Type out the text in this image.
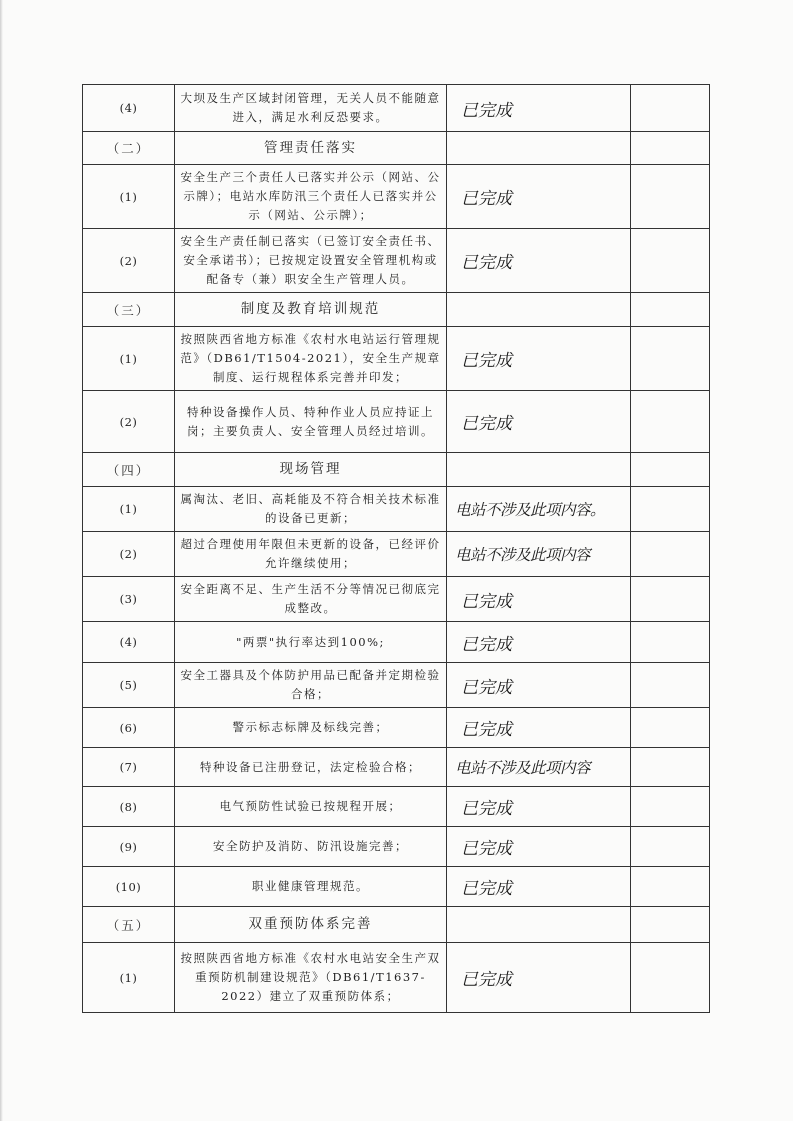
(4)	大坝及生产区域封闭管理，无关人员不能随意进入，满足水利反恐要求。	已完成	
（二）	管理责任落实		
(1)	安全生产三个责任人已落实并公示（网站、公示牌）；电站水库防汛三个责任人已落实并公示（网站、公示牌）；	已完成	
(2)	安全生产责任制已落实（已签订安全责任书、安全承诺书）；已按规定设置安全管理机构或配备专（兼）职安全生产管理人员。	已完成	
（三）	制度及教育培训规范		
(1)	按照陕西省地方标准《农村水电站运行管理规范》（DB61/T1504-2021），安全生产规章制度、运行规程体系完善并印发；	已完成	
(2)	特种设备操作人员、特种作业人员应持证上岗；主要负责人、安全管理人员经过培训。	已完成	
（四）	现场管理		
(1)	属淘汰、老旧、高耗能及不符合相关技术标准的设备已更新；	电站不涉及此项内容。	
(2)	超过合理使用年限但未更新的设备，已经评价允许继续使用；	电站不涉及此项内容	
(3)	安全距离不足、生产生活不分等情况已彻底完成整改。	已完成	
(4)	"两票"执行率达到100%;	已完成	
(5)	安全工器具及个体防护用品已配备并定期检验合格；	已完成	
(6)	警示标志标牌及标线完善；	已完成	
(7)	特种设备已注册登记，法定检验合格；	电站不涉及此项内容	
(8)	电气预防性试验已按规程开展；	已完成	
(9)	安全防护及消防、防汛设施完善；	已完成	
(10)	职业健康管理规范。	已完成	
（五）	双重预防体系完善		
(1)	按照陕西省地方标准《农村水电站安全生产双重预防机制建设规范》（DB61/T1637-2022）建立了双重预防体系；	已完成	
